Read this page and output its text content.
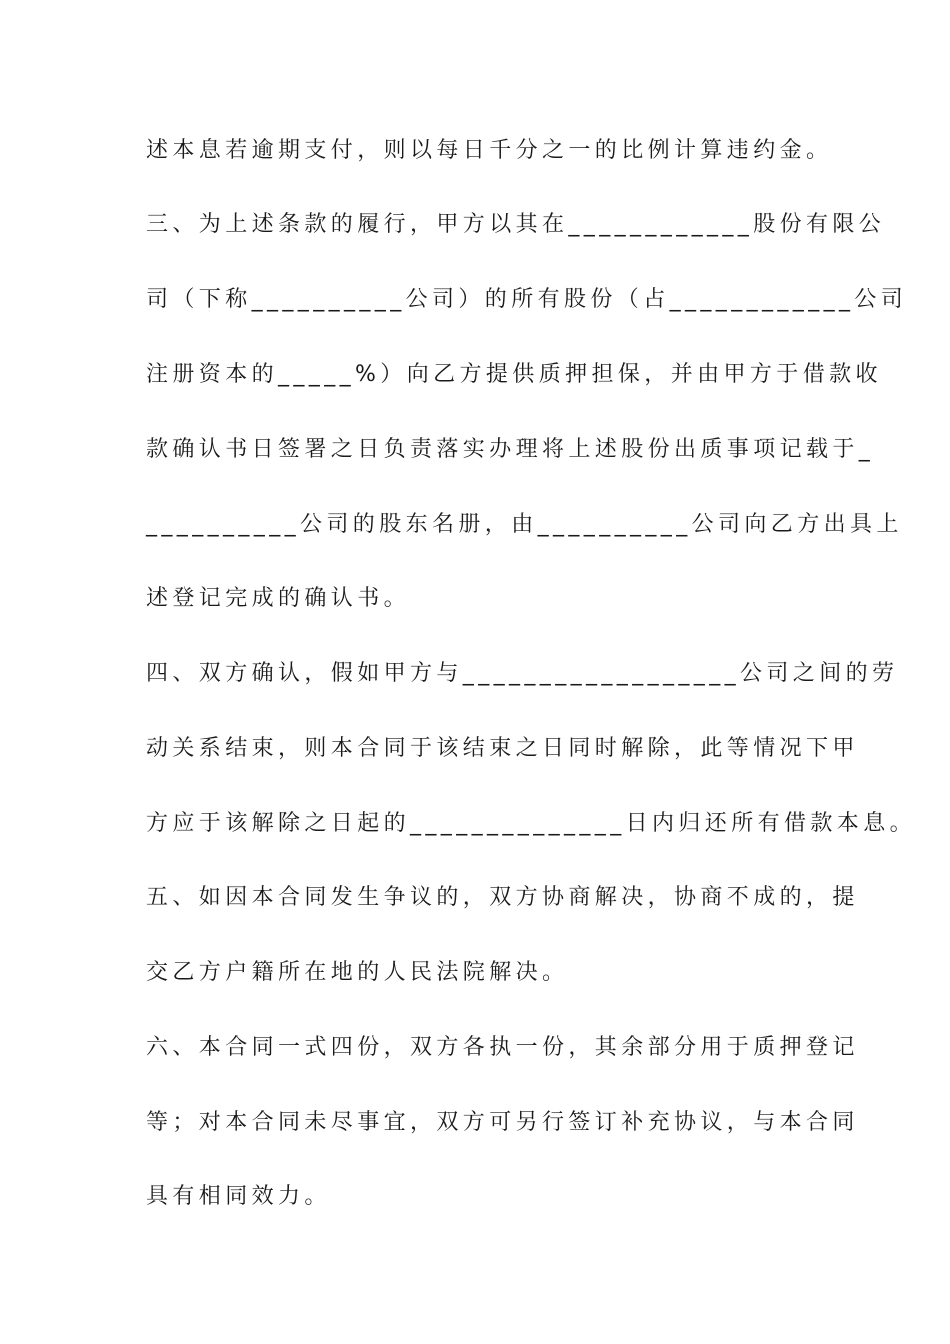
述本息若逾期支付，则以每日千分之一的比例计算违约金。
三、为上述条款的履行，甲方以其在____________股份有限公
司（下称__________公司）的所有股份（占____________公司
注册资本的_____%）向乙方提供质押担保，并由甲方于借款收
款确认书日签署之日负责落实办理将上述股份出质事项记载于_
__________公司的股东名册，由__________公司向乙方出具上
述登记完成的确认书。
四、双方确认，假如甲方与__________________公司之间的劳
动关系结束，则本合同于该结束之日同时解除，此等情况下甲
方应于该解除之日起的______________日内归还所有借款本息。
五、如因本合同发生争议的，双方协商解决，协商不成的，提
交乙方户籍所在地的人民法院解决。
六、本合同一式四份，双方各执一份，其余部分用于质押登记
等；对本合同未尽事宜，双方可另行签订补充协议，与本合同
具有相同效力。
